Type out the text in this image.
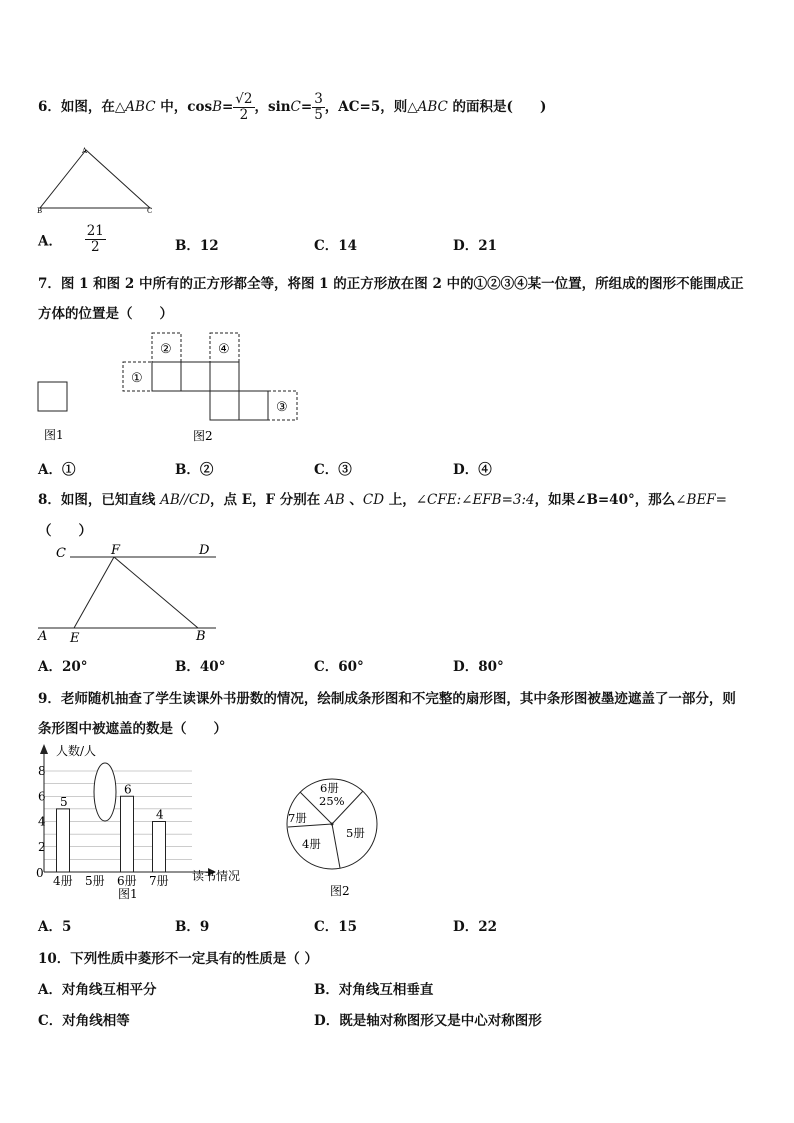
6．如图，在△ABC 中，$\cos B= \frac{√2}{2}$ ，$\sin C= \frac{3}{5}$ ，AC=5，则△ABC 的面积是(　　)
A
B	C
A． $\frac{21}{2}$	B．12	C．14	D．21
7．图 1 和图 2 中所有的正方形都全等，将图 1 的正方形放在图 2 中的①②③④某一位置，所组成的图形不能围成正
方体的位置是（　　）
图1
①
②
③
④
图2
A．①	B．②	C．③	D．④
8．如图，已知直线 AB//CD，点 E，F 分别在 AB 、CD 上，∠CFE:∠EFB=3:4，如果∠B=40°，那么∠BEF=
（　　）
C	F	D
A E	B
A．20°	B．40°	C．60°	D．80°
9．老师随机抽查了学生读课外书册数的情况，绘制成条形图和不完整的扇形图，其中条形图被墨迹遮盖了一部分，则
条形图中被遮盖的数是（　　）
5
6
4
0
2
4
6
8
4册 5册 6册 7册
人数/人
读书情况
图1
6册
25%
7册
5册
4册
图2
A．5	B．9	C．15	D．22
10．下列性质中菱形不一定具有的性质是（ ）
A．对角线互相平分	B．对角线互相垂直
C．对角线相等	D．既是轴对称图形又是中心对称图形
